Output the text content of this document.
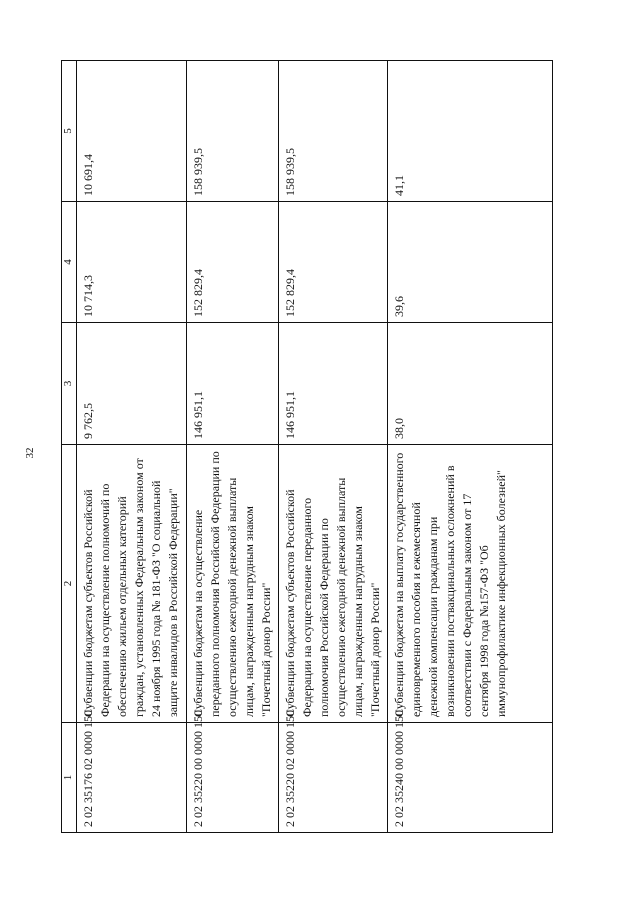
32
1	2	3	4	5
2 02 35176 02 0000 150	Субвенции бюджетам субъектов Российской Федерации на осуществление полномочий по обеспечению жильем отдельных категорий граждан, установленных Федеральным законом от 24 ноября 1995 года № 181-ФЗ "О социальной защите инвалидов в Российской Федерации"	9 762,5	10 714,3	10 691,4
2 02 35220 00 0000 150	Субвенции бюджетам на осуществление переданного полномочия Российской Федерации по осуществлению ежегодной денежной выплаты лицам, награжденным нагрудным знаком "Почетный донор России"	146 951,1	152 829,4	158 939,5
2 02 35220 02 0000 150	Субвенции бюджетам субъектов Российской Федерации на осуществление переданного полномочия Российской Федерации по осуществлению ежегодной денежной выплаты лицам, награжденным нагрудным знаком "Почетный донор России"	146 951,1	152 829,4	158 939,5
2 02 35240 00 0000 150	Субвенции бюджетам на выплату государственного единовременного пособия и ежемесячной денежной компенсации гражданам при возникновении поствакцинальных осложнений в соответствии с Федеральным законом от 17 сентября 1998 года №157-ФЗ "Об иммунопрофилактике инфекционных болезней"	38,0	39,6	41,1
